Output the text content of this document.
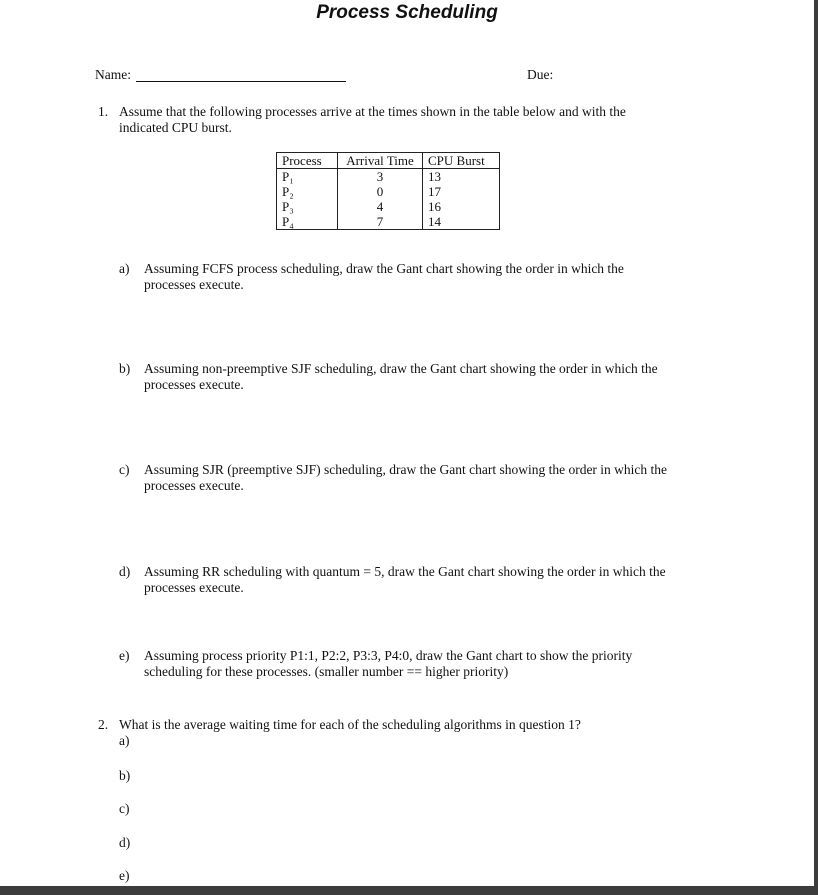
Process Scheduling
Name:	Due:
1. Assume that the following processes arrive at the times shown in the table below and with the
indicated CPU burst.
Process	Arrival Time	CPU Burst
P₁	3	13
P₂	0	17
P₃	4	16
P₄	7	14
a) Assuming FCFS process scheduling, draw the Gant chart showing the order in which the
processes execute.
b) Assuming non-preemptive SJF scheduling, draw the Gant chart showing the order in which the
processes execute.
c) Assuming SJR (preemptive SJF) scheduling, draw the Gant chart showing the order in which the
processes execute.
d) Assuming RR scheduling with quantum = 5, draw the Gant chart showing the order in which the
processes execute.
e) Assuming process priority P1:1, P2:2, P3:3, P4:0, draw the Gant chart to show the priority
scheduling for these processes. (smaller number == higher priority)
2. What is the average waiting time for each of the scheduling algorithms in question 1?
a)
b)
c)
d)
e)
